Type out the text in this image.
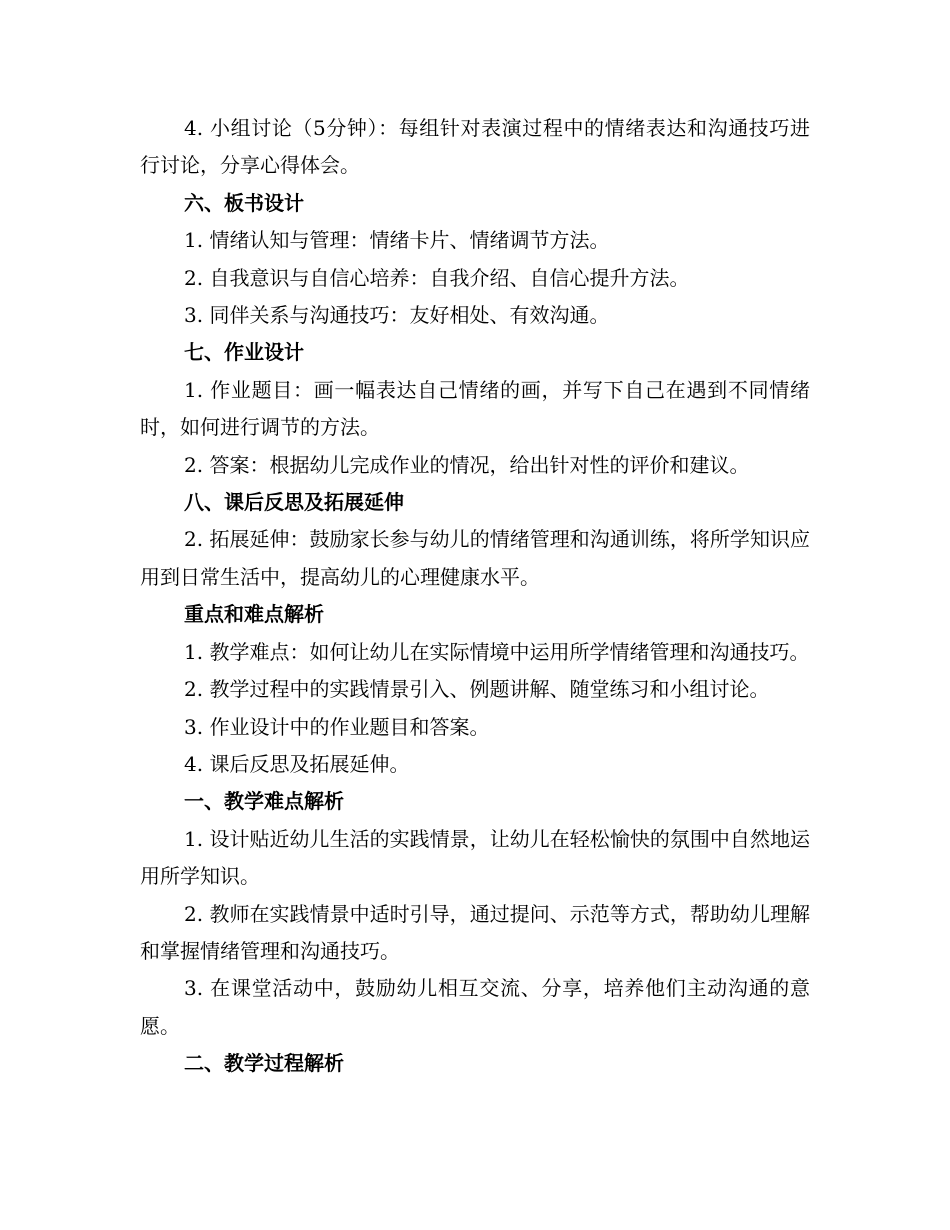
4. 小组讨论（5分钟）：每组针对表演过程中的情绪表达和沟通技巧进行讨论，分享心得体会。

六、板书设计

1. 情绪认知与管理：情绪卡片、情绪调节方法。

2. 自我意识与自信心培养：自我介绍、自信心提升方法。

3. 同伴关系与沟通技巧：友好相处、有效沟通。

七、作业设计

1. 作业题目：画一幅表达自己情绪的画，并写下自己在遇到不同情绪时，如何进行调节的方法。

2. 答案：根据幼儿完成作业的情况，给出针对性的评价和建议。

八、课后反思及拓展延伸

2. 拓展延伸：鼓励家长参与幼儿的情绪管理和沟通训练，将所学知识应用到日常生活中，提高幼儿的心理健康水平。

重点和难点解析

1. 教学难点：如何让幼儿在实际情境中运用所学情绪管理和沟通技巧。

2. 教学过程中的实践情景引入、例题讲解、随堂练习和小组讨论。

3. 作业设计中的作业题目和答案。

4. 课后反思及拓展延伸。

一、教学难点解析

1. 设计贴近幼儿生活的实践情景，让幼儿在轻松愉快的氛围中自然地运用所学知识。

2. 教师在实践情景中适时引导，通过提问、示范等方式，帮助幼儿理解和掌握情绪管理和沟通技巧。

3. 在课堂活动中，鼓励幼儿相互交流、分享，培养他们主动沟通的意愿。

二、教学过程解析
